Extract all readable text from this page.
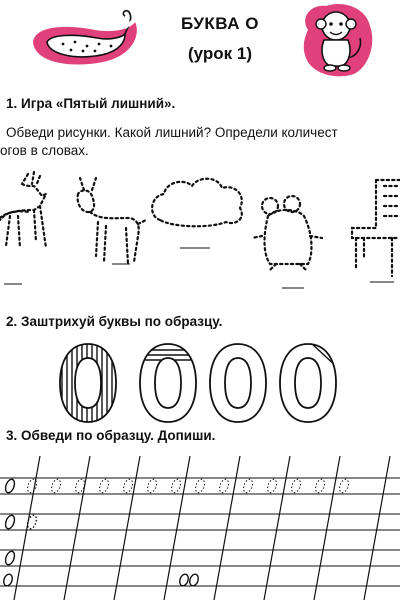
БУКВА О
(урок 1)
1. Игра «Пятый лишний».
Обведи рисунки. Какой лишний? Определи количест
огов в словах.
2. Заштрихуй буквы по образцу.
3. Обведи по образцу. Допиши.
